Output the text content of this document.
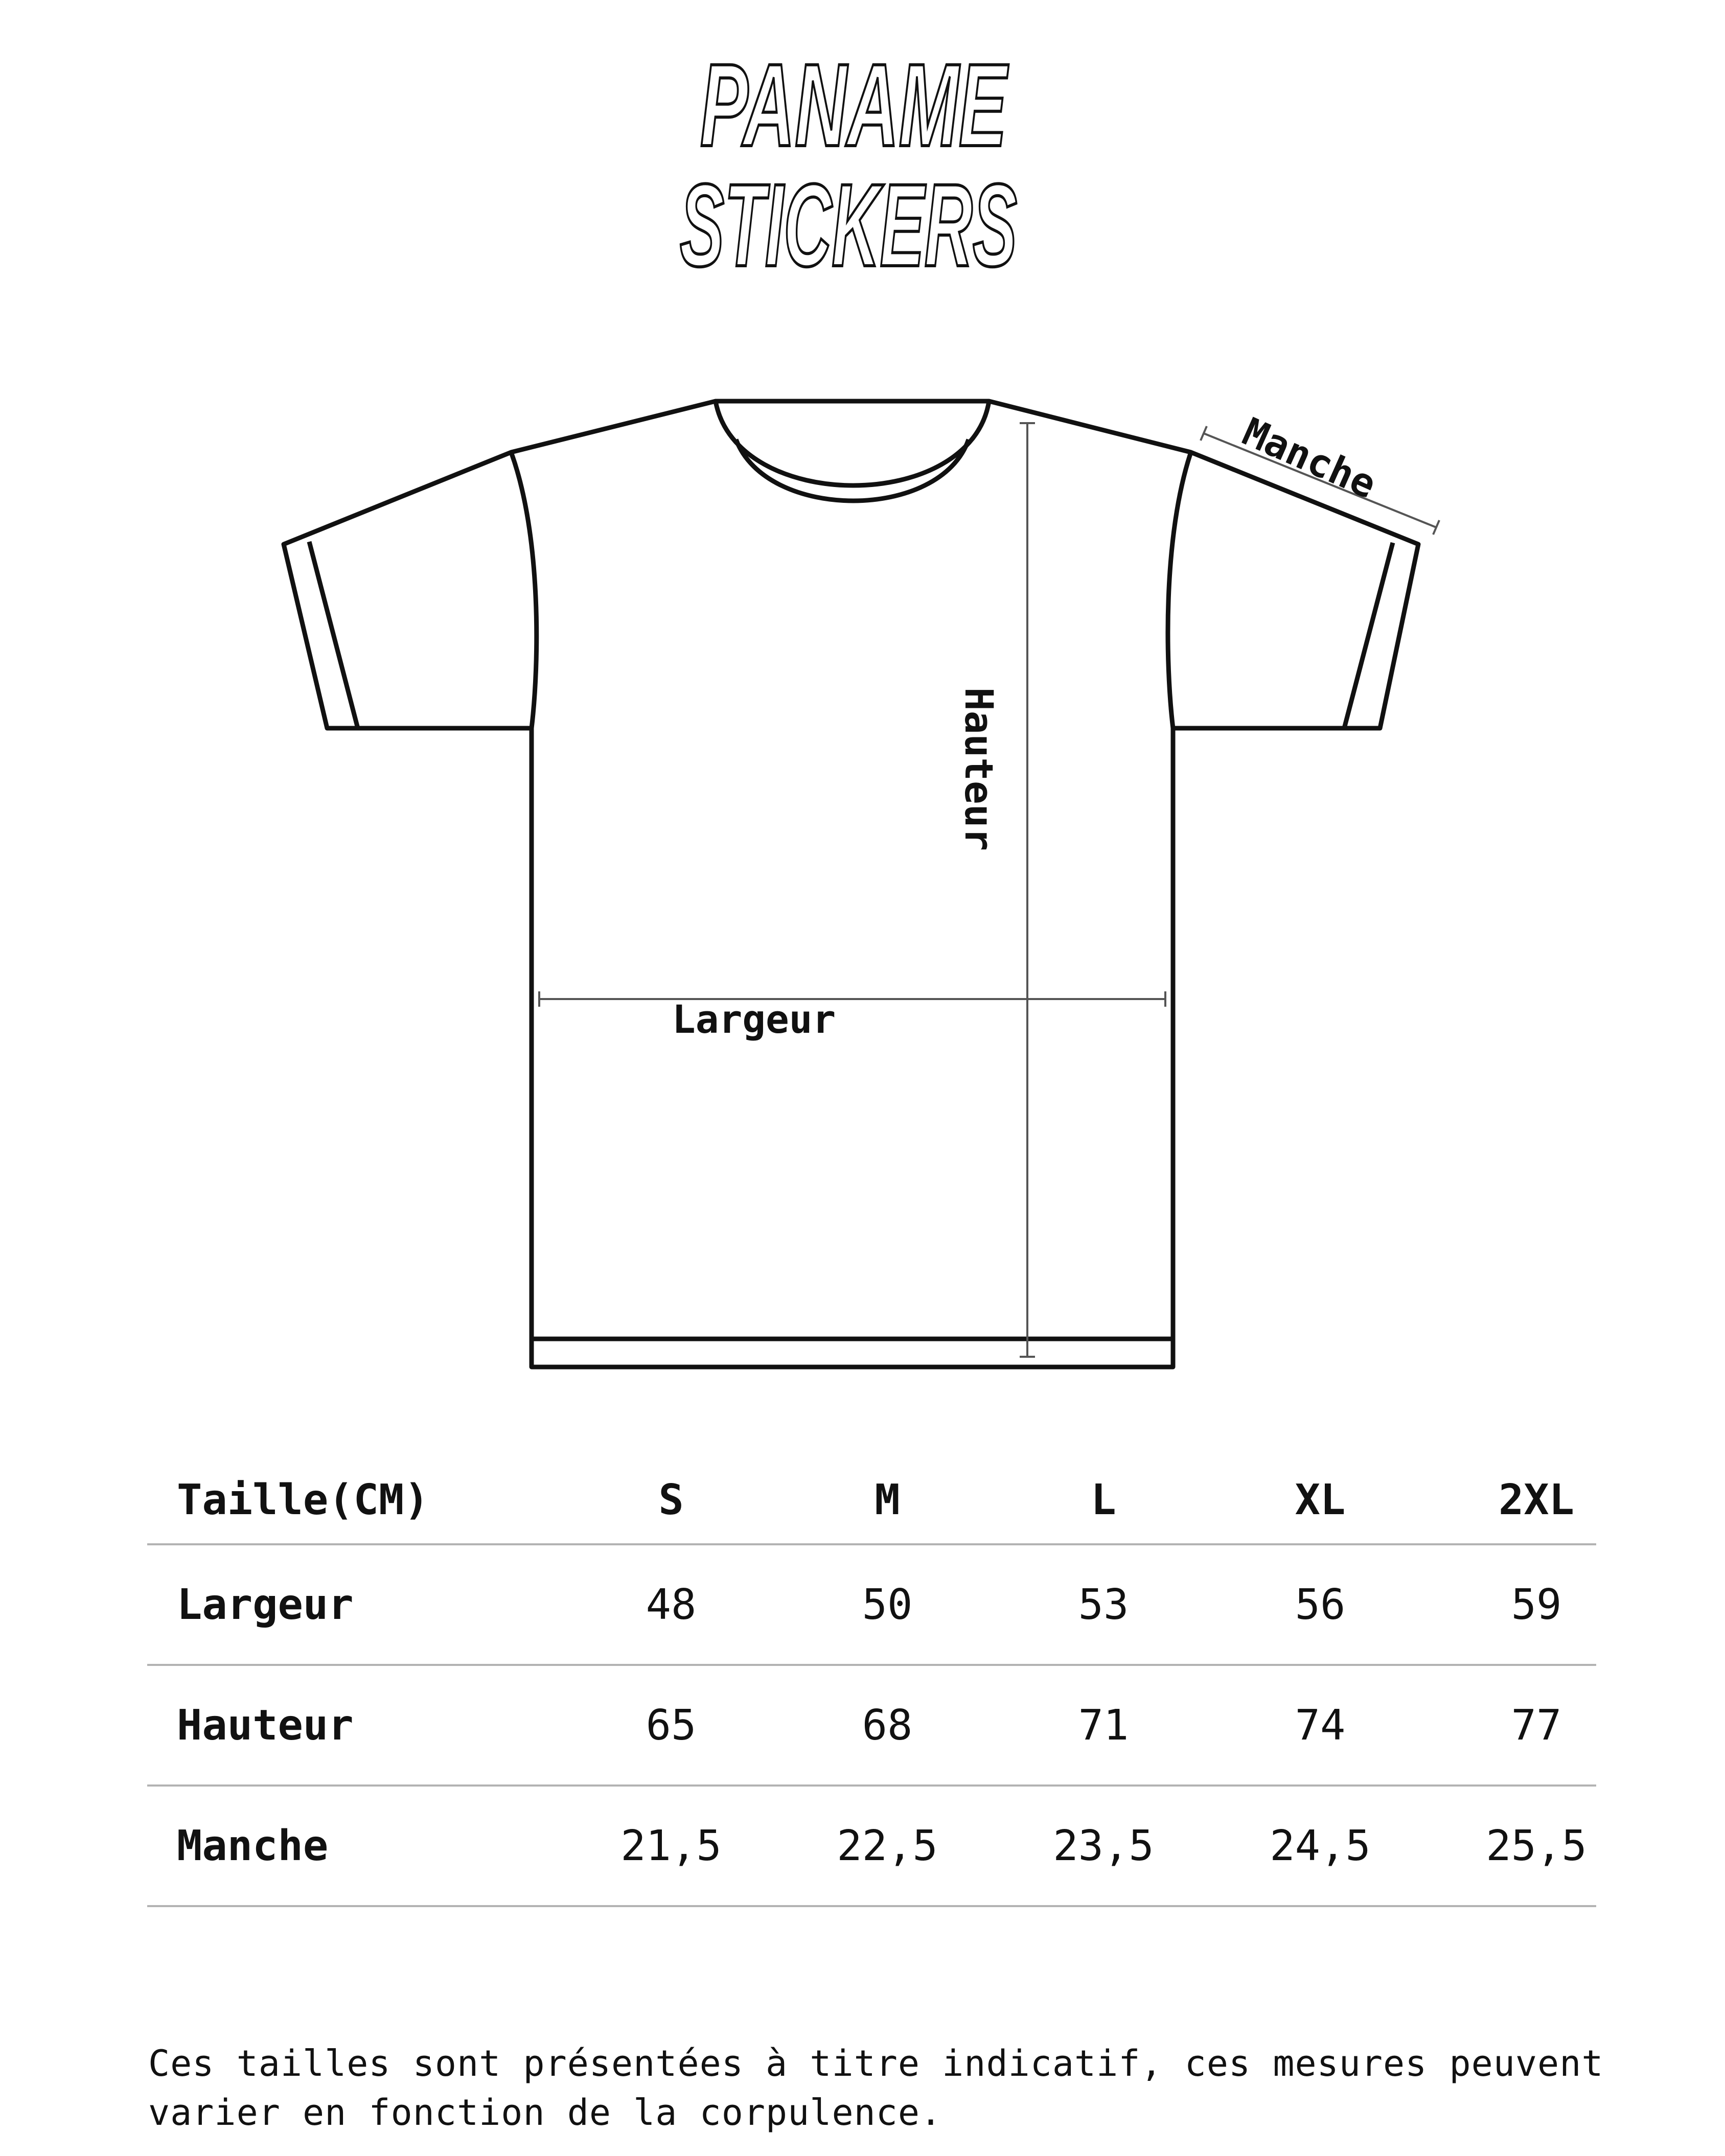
PANAME
STICKERS
Largeur
Hauteur
Manche
Taille(CM)	S	M	L	XL	2XL
Largeur	48	50	53	56	59
Hauteur	65	68	71	74	77
Manche	21,5	22,5	23,5	24,5	25,5

Ces tailles sont présentées à titre indicatif, ces mesures peuvent varier en fonction de la corpulence.
